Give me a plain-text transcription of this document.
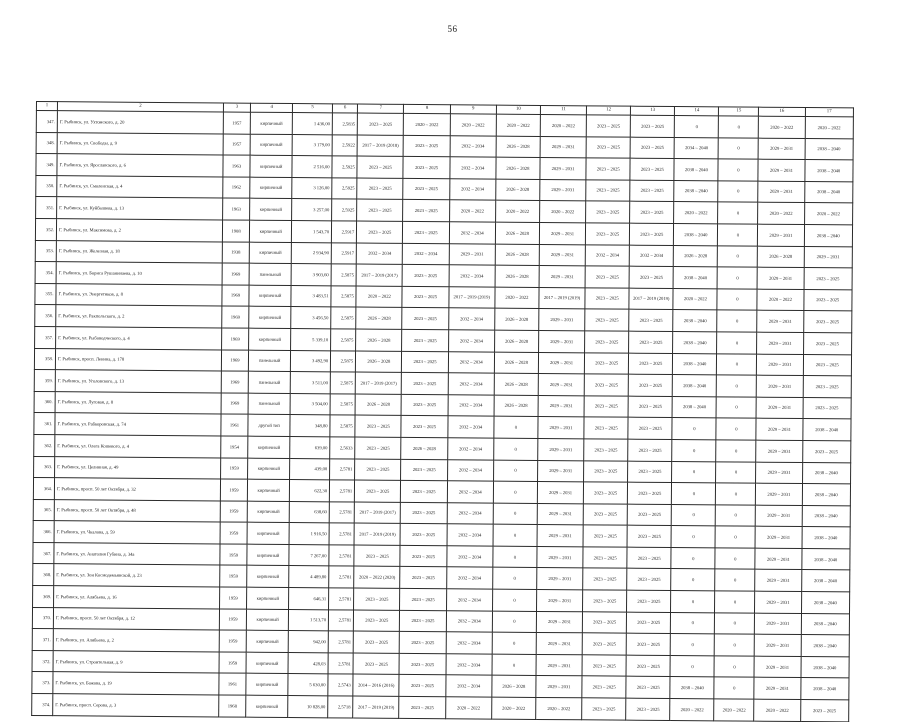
56
1	2	3	4	5	6	7	8	9	10	11	12	13	14	15	16	17
347.	Г. Рыбинск, ул. Ухтомского, д. 20	1957	кирпичный	1 436,00	2,5835	2023 – 2025	2020 – 2022	2020 – 2022	2020 – 2022	2020 – 2022	2023 – 2025	2023 – 2025	0	0	2020 – 2022	2020 – 2022
348.	Г. Рыбинск, ул. Свободы, д. 9	1957	кирпичный	3 179,00	2,5922	2017 – 2019 (2018)	2023 – 2025	2032 – 2034	2026 – 2028	2029 – 2031	2023 – 2025	2023 – 2025	2034 – 2040	0	2029 – 2031	2038 – 2040
349.	Г. Рыбинск, ул. Ярославского, д. 6	1963	кирпичный	2 516,00	2,5925	2023 – 2025	2023 – 2025	2032 – 2034	2026 – 2028	2029 – 2031	2023 – 2025	2023 – 2025	2038 – 2040	0	2029 – 2031	2038 – 2040
350.	Г. Рыбинск, ул. Смоленская, д. 4	1962	кирпичный	3 126,00	2,5925	2023 – 2025	2023 – 2025	2032 – 2034	2026 – 2028	2029 – 2031	2023 – 2025	2023 – 2025	2038 – 2040	0	2029 – 2031	2038 – 2040
351.	Г. Рыбинск, ул. Куйбышева, д. 13	1963	кирпичный	3 257,00	2,5925	2023 – 2025	2023 – 2025	2020 – 2022	2020 – 2022	2020 – 2022	2023 – 2025	2023 – 2025	2020 – 2022	0	2020 – 2022	2020 – 2022
352.	Г. Рыбинск, ул. Максимова, д. 2	1908	кирпичный	1 543,70	2,5917	2023 – 2025	2023 – 2025	2032 – 2034	2026 – 2028	2029 – 2031	2023 – 2025	2023 – 2025	2038 – 2040	0	2029 – 2031	2038 – 2040
353.	Г. Рыбинск, ул. Железная, д. 18	1938	кирпичный	2 934,90	2,5917	2032 – 2034	2032 – 2034	2029 – 2031	2026 – 2028	2029 – 2031	2032 – 2034	2032 – 2034	2026 – 2028	0	2026 – 2028	2029 – 2031
354.	Г. Рыбинск, ул. Бориса Рушанинаева, д. 10	1969	панельный	3 903,60	2,5875	2017 – 2019 (2017)	2023 – 2025	2032 – 2034	2026 – 2028	2029 – 2031	2023 – 2025	2023 – 2025	2038 – 2040	0	2029 – 2031	2023 – 2025
355.	Г. Рыбинск, ул. Энергетиков, д. 8	1969	кирпичный	3 483,51	2,5875	2020 – 2022	2023 – 2025	2017 – 2019 (2019)	2020 – 2022	2017 – 2019 (2019)	2023 – 2025	2017 – 2019 (2019)	2020 – 2022	0	2020 – 2022	2023 – 2025
356.	Г. Рыбинск, ул. Ракпольского, д. 2	1969	кирпичный	3 456,50	2,5875	2026 – 2028	2023 – 2025	2032 – 2034	2026 – 2028	2029 – 2031	2023 – 2025	2023 – 2025	2038 – 2040	0	2029 – 2031	2023 – 2025
357.	Г. Рыбинск, ул. Рыбоводческого, д. 4	1969	кирпичный	5 339,10	2,5875	2026 – 2028	2023 – 2025	2032 – 2034	2026 – 2028	2029 – 2031	2023 – 2025	2023 – 2025	2038 – 2040	0	2029 – 2031	2023 – 2025
358.	Г. Рыбинск, просп. Ленина, д. 178	1969	панельный	3 492,90	2,5875	2026 – 2028	2023 – 2025	2032 – 2034	2026 – 2028	2029 – 2031	2023 – 2025	2023 – 2025	2038 – 2040	0	2029 – 2031	2023 – 2025
359.	Г. Рыбинск, ул. Уголовского, д. 13	1969	панельный	3 511,00	2,5875	2017 – 2019 (2017)	2023 – 2025	2032 – 2034	2026 – 2028	2029 – 2031	2023 – 2025	2023 – 2025	2038 – 2040	0	2029 – 2031	2023 – 2025
360.	Г. Рыбинск, ул. Луговая, д. 8	1969	панельный	3 504,00	2,5875	2026 – 2028	2023 – 2025	2032 – 2034	2026 – 2028	2029 – 2031	2023 – 2025	2023 – 2025	2038 – 2040	0	2029 – 2031	2023 – 2025
361.	Г. Рыбинск, ул. Рабкоровская, д. 74	1961	другой тип	348,80	2,5875	2023 – 2025	2023 – 2025	2032 – 2034	0	2029 – 2031	2023 – 2025	2023 – 2025	0	0	2029 – 2031	2038 – 2040
362.	Г. Рыбинск, ул. Олега Кошевого, д. 4	1954	кирпичный	639,00	2,5633	2023 – 2025	2026 – 2028	2032 – 2034	0	2029 – 2031	2023 – 2025	2023 – 2025	0	0	2029 – 2031	2023 – 2025
363.	Г. Рыбинск, ул. Целинная, д. 49	1959	кирпичный	439,00	2,5781	2023 – 2025	2023 – 2025	2032 – 2034	0	2029 – 2031	2023 – 2025	2023 – 2025	0	0	2029 – 2031	2038 – 2040
364.	Г. Рыбинск, просп. 50 лет Октября, д. 32	1959	кирпичный	622,30	2,5781	2023 – 2025	2023 – 2025	2032 – 2034	0	2029 – 2031	2023 – 2025	2023 – 2025	0	0	2029 – 2031	2038 – 2040
365.	Г. Рыбинск, просп. 50 лет Октября, д. 48	1959	кирпичный	638,60	2,5781	2017 – 2019 (2017)	2023 – 2025	2032 – 2034	0	2029 – 2031	2023 – 2025	2023 – 2025	0	0	2029 – 2031	2038 – 2040
366.	Г. Рыбинск, ул. Чкалова, д. 59	1959	кирпичный	1 916,50	2,5781	2017 – 2019 (2019)	2023 – 2025	2032 – 2034	0	2029 – 2031	2023 – 2025	2023 – 2025	0	0	2029 – 2031	2038 – 2040
367.	Г. Рыбинск, ул. Анатолия Губина, д. 34а	1959	кирпичный	7 267,00	2,5781	2023 – 2025	2023 – 2025	2032 – 2034	0	2029 – 2031	2023 – 2025	2023 – 2025	0	0	2029 – 2031	2038 – 2040
368.	Г. Рыбинск, ул. Зои Космодемьянской, д. 23	1959	кирпичный	4 489,80	2,5781	2020 – 2022 (2020)	2023 – 2025	2032 – 2034	0	2029 – 2031	2023 – 2025	2023 – 2025	0	0	2029 – 2031	2038 – 2040
369.	Г. Рыбинск, ул. Алябьева, д. 16	1959	кирпичный	646,31	2,5781	2023 – 2025	2023 – 2025	2032 – 2034	0	2029 – 2031	2023 – 2025	2023 – 2025	0	0	2029 – 2031	2038 – 2040
370.	Г. Рыбинск, просп. 50 лет Октября, д. 12	1959	кирпичный	1 513,70	2,5781	2023 – 2025	2023 – 2025	2032 – 2034	0	2029 – 2031	2023 – 2025	2023 – 2025	0	0	2029 – 2031	2038 – 2040
371.	Г. Рыбинск, ул. Алябьева, д. 2	1959	кирпичный	942,00	2,5781	2023 – 2025	2023 – 2025	2032 – 2034	0	2029 – 2031	2023 – 2025	2023 – 2025	0	0	2029 – 2031	2038 – 2040
372.	Г. Рыбинск, ул. Строительная, д. 9	1959	кирпичный	428,03	2,5781	2023 – 2025	2023 – 2025	2032 – 2034	0	2029 – 2031	2023 – 2025	2023 – 2025	0	0	2029 – 2031	2038 – 2040
373.	Г. Рыбинск, ул. Бажова, д. 19	1961	кирпичный	5 630,00	2,5743	2014 – 2016 (2016)	2023 – 2025	2032 – 2034	2026 – 2028	2029 – 2031	2023 – 2025	2023 – 2025	2038 – 2040	0	2029 – 2031	2038 – 2040
374.	Г. Рыбинск, просп. Серова, д. 3	1968	кирпичный	10 828,00	2,5718	2017 – 2019 (2019)	2023 – 2025	2020 – 2022	2020 – 2022	2020 – 2022	2023 – 2025	2023 – 2025	2020 – 2022	2020 – 2022	2020 – 2022	2023 – 2025
